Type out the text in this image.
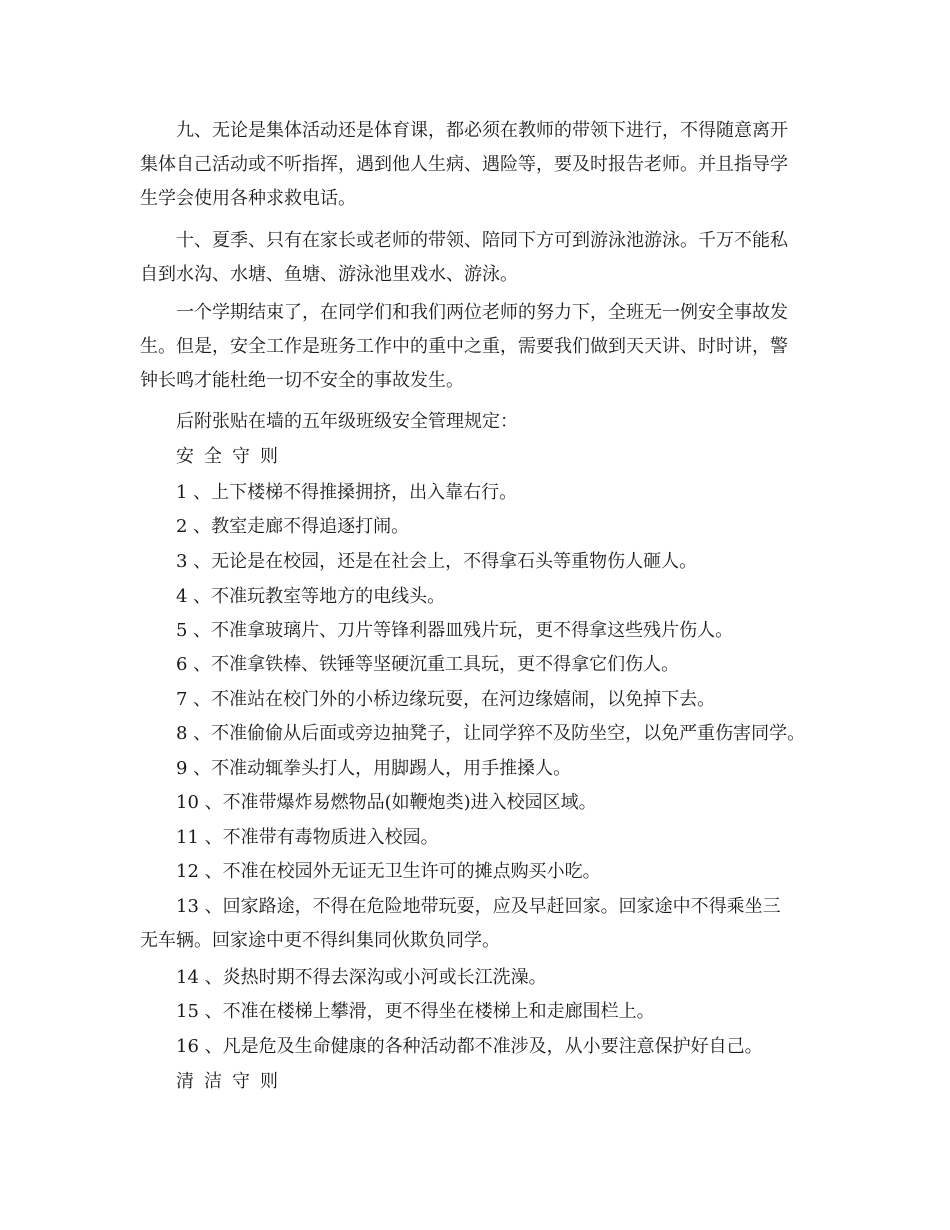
九、无论是集体活动还是体育课，都必须在教师的带领下进行，不得随意离开
集体自己活动或不听指挥，遇到他人生病、遇险等，要及时报告老师。并且指导学
生学会使用各种求救电话。

十、夏季、只有在家长或老师的带领、陪同下方可到游泳池游泳。千万不能私
自到水沟、水塘、鱼塘、游泳池里戏水、游泳。

一个学期结束了，在同学们和我们两位老师的努力下，全班无一例安全事故发
生。但是，安全工作是班务工作中的重中之重，需要我们做到天天讲、时时讲，警
钟长鸣才能杜绝一切不安全的事故发生。

后附张贴在墙的五年级班级安全管理规定：

安全守则

1 、上下楼梯不得推搡拥挤，出入靠右行。

2 、教室走廊不得追逐打闹。

3 、无论是在校园，还是在社会上，不得拿石头等重物伤人砸人。

4 、不准玩教室等地方的电线头。

5 、不准拿玻璃片、刀片等锋利器皿残片玩，更不得拿这些残片伤人。

6 、不准拿铁棒、铁锤等坚硬沉重工具玩，更不得拿它们伤人。

7 、不准站在校门外的小桥边缘玩耍，在河边缘嬉闹，以免掉下去。

8 、不准偷偷从后面或旁边抽凳子，让同学猝不及防坐空，以免严重伤害同学。

9 、不准动辄拳头打人，用脚踢人，用手推搡人。

10 、不准带爆炸易燃物品(如鞭炮类)进入校园区域。

11 、不准带有毒物质进入校园。

12 、不准在校园外无证无卫生许可的摊点购买小吃。

13 、回家路途，不得在危险地带玩耍，应及早赶回家。回家途中不得乘坐三
无车辆。回家途中更不得纠集同伙欺负同学。

14 、炎热时期不得去深沟或小河或长江洗澡。

15 、不准在楼梯上攀滑，更不得坐在楼梯上和走廊围栏上。

16 、凡是危及生命健康的各种活动都不准涉及，从小要注意保护好自己。

清洁守则
